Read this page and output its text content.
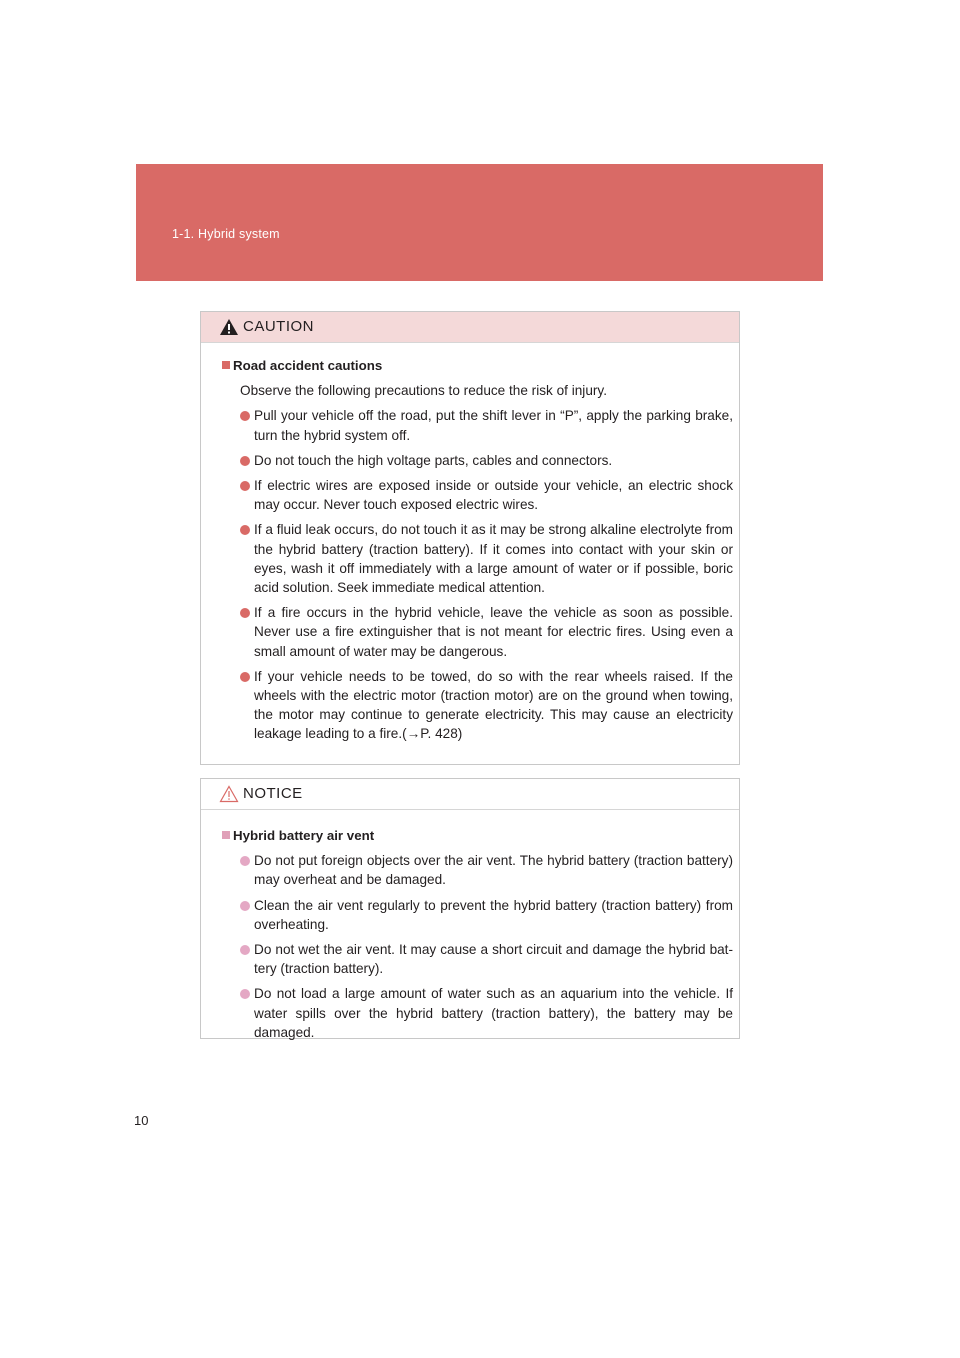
1-1. Hybrid system
CAUTION
Road accident cautions
Observe the following precautions to reduce the risk of injury.
Pull your vehicle off the road, put the shift lever in “P”, apply the parking brake, turn the hybrid system off.
Do not touch the high voltage parts, cables and connectors.
If electric wires are exposed inside or outside your vehicle, an electric shock may occur. Never touch exposed electric wires.
If a fluid leak occurs, do not touch it as it may be strong alkaline electrolyte from the hybrid battery (traction battery). If it comes into contact with your skin or eyes, wash it off immediately with a large amount of water or if possible, boric acid solution. Seek immediate medical attention.
If a fire occurs in the hybrid vehicle, leave the vehicle as soon as possible. Never use a fire extinguisher that is not meant for electric fires. Using even a small amount of water may be dangerous.
If your vehicle needs to be towed, do so with the rear wheels raised. If the wheels with the electric motor (traction motor) are on the ground when towing, the motor may continue to generate electricity. This may cause an electricity leakage leading to a fire.(→P. 428)
NOTICE
Hybrid battery air vent
Do not put foreign objects over the air vent. The hybrid battery (traction battery) may overheat and be damaged.
Clean the air vent regularly to prevent the hybrid battery (traction battery) from overheating.
Do not wet the air vent. It may cause a short circuit and damage the hybrid bat-tery (traction battery).
Do not load a large amount of water such as an aquarium into the vehicle. If water spills over the hybrid battery (traction battery), the battery may be damaged.
10
